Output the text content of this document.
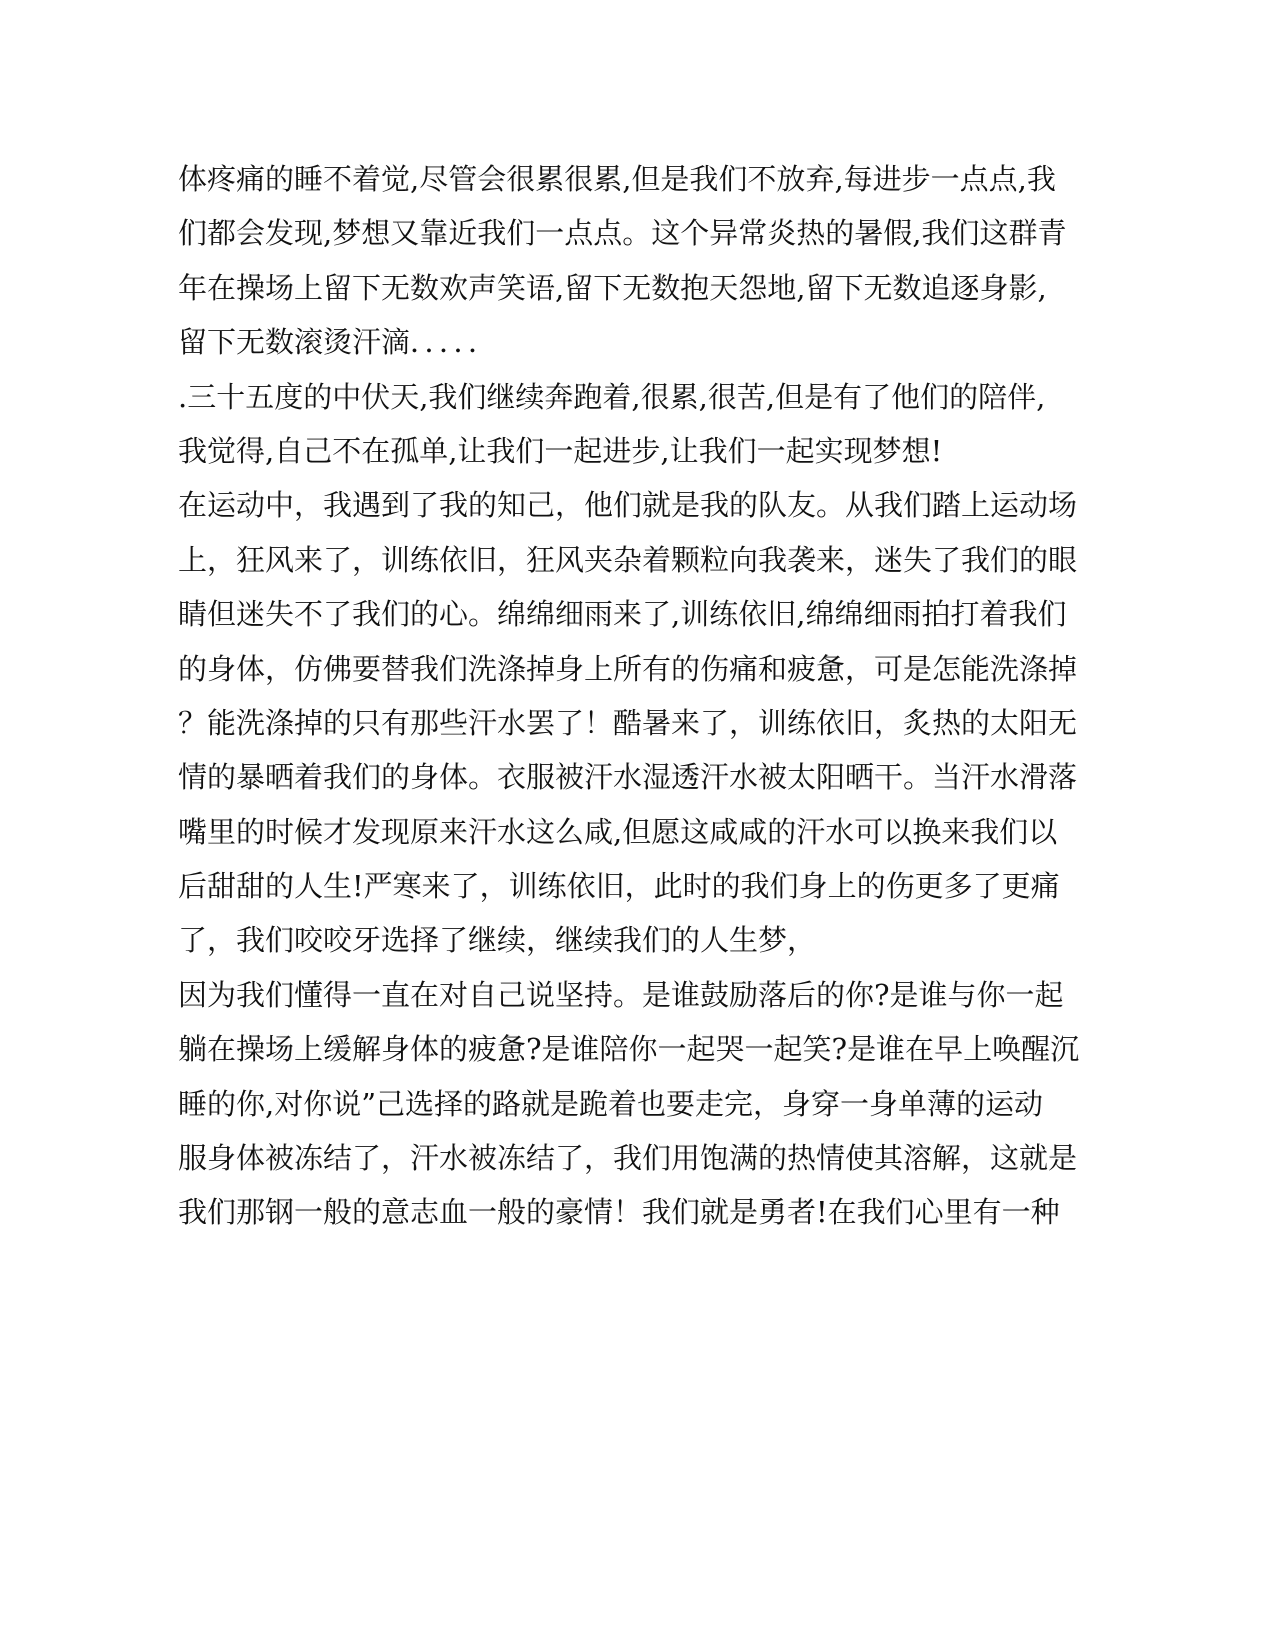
体疼痛的睡不着觉,尽管会很累很累,但是我们不放弃,每进步一点点,我
们都会发现,梦想又靠近我们一点点。这个异常炎热的暑假,我们这群青
年在操场上留下无数欢声笑语,留下无数抱天怨地,留下无数追逐身影,
留下无数滚烫汗滴．．．．．
.三十五度的中伏天,我们继续奔跑着,很累,很苦,但是有了他们的陪伴,
我觉得,自己不在孤单,让我们一起进步,让我们一起实现梦想!
在运动中，我遇到了我的知己，他们就是我的队友。从我们踏上运动场
上，狂风来了，训练依旧，狂风夹杂着颗粒向我袭来，迷失了我们的眼
睛但迷失不了我们的心。绵绵细雨来了,训练依旧,绵绵细雨拍打着我们
的身体，仿佛要替我们洗涤掉身上所有的伤痛和疲惫，可是怎能洗涤掉
？能洗涤掉的只有那些汗水罢了！酷暑来了，训练依旧，炙热的太阳无
情的暴晒着我们的身体。衣服被汗水湿透汗水被太阳晒干。当汗水滑落
嘴里的时候才发现原来汗水这么咸,但愿这咸咸的汗水可以换来我们以
后甜甜的人生!严寒来了，训练依旧，此时的我们身上的伤更多了更痛
了，我们咬咬牙选择了继续，继续我们的人生梦，
因为我们懂得一直在对自己说坚持。是谁鼓励落后的你?是谁与你一起
躺在操场上缓解身体的疲惫?是谁陪你一起哭一起笑?是谁在早上唤醒沉
睡的你,对你说”己选择的路就是跪着也要走完，身穿一身单薄的运动
服身体被冻结了，汗水被冻结了，我们用饱满的热情使其溶解，这就是
我们那钢一般的意志血一般的豪情！我们就是勇者!在我们心里有一种
